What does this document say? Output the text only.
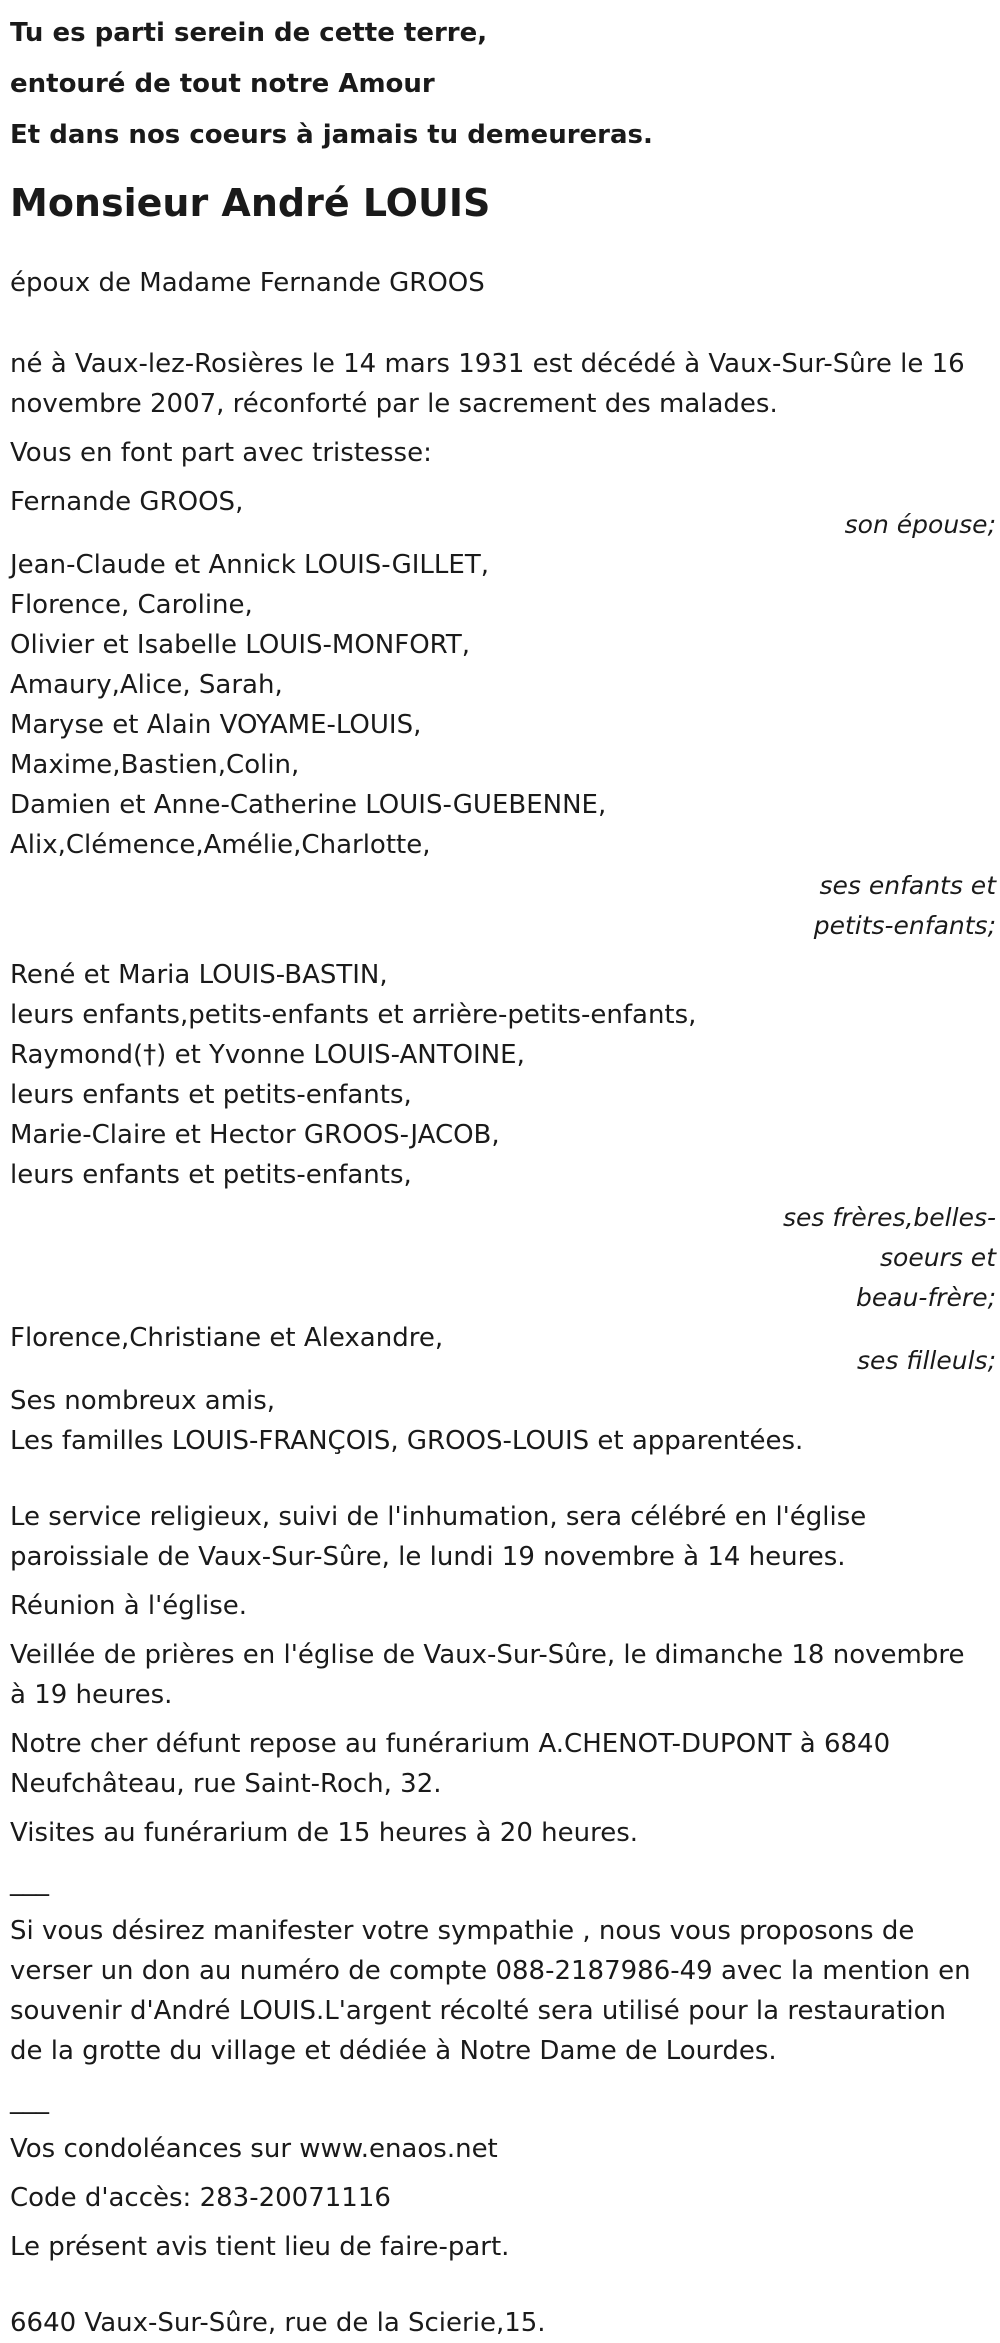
Tu es parti serein de cette terre,
entouré de tout notre Amour
Et dans nos coeurs à jamais tu demeureras.
Monsieur André LOUIS

époux de Madame Fernande GROOS

né à Vaux-lez-Rosières le 14 mars 1931 est décédé à Vaux-Sur-Sûre le 16

novembre 2007, réconforté par le sacrement des malades.

Vous en font part avec tristesse:

Fernande GROOS,

son épouse;

Jean-Claude et Annick LOUIS-GILLET,

Florence, Caroline,

Olivier et Isabelle LOUIS-MONFORT,

Amaury,Alice, Sarah,

Maryse et Alain VOYAME-LOUIS,

Maxime,Bastien,Colin,

Damien et Anne-Catherine LOUIS-GUEBENNE,

Alix,Clémence,Amélie,Charlotte,

ses enfants et

petits-enfants;

René et Maria LOUIS-BASTIN,

leurs enfants,petits-enfants et arrière-petits-enfants,

Raymond(†) et Yvonne LOUIS-ANTOINE,

leurs enfants et petits-enfants,

Marie-Claire et Hector GROOS-JACOB,

leurs enfants et petits-enfants,

ses frères,belles-

soeurs et

beau-frère;

Florence,Christiane et Alexandre,

ses filleuls;

Ses nombreux amis,

Les familles LOUIS-FRANÇOIS, GROOS-LOUIS et apparentées.

Le service religieux, suivi de l'inhumation, sera célébré en l'église

paroissiale de Vaux-Sur-Sûre, le lundi 19 novembre à 14 heures.

Réunion à l'église.

Veillée de prières en l'église de Vaux-Sur-Sûre, le dimanche 18 novembre

à 19 heures.

Notre cher défunt repose au funérarium A.CHENOT-DUPONT à 6840

Neufchâteau, rue Saint-Roch, 32.

Visites au funérarium de 15 heures à 20 heures.

___

Si vous désirez manifester votre sympathie , nous vous proposons de

verser un don au numéro de compte 088-2187986-49 avec la mention en

souvenir d'André LOUIS.L'argent récolté sera utilisé pour la restauration

de la grotte du village et dédiée à Notre Dame de Lourdes.

___

Vos condoléances sur www.enaos.net

Code d'accès: 283-20071116

Le présent avis tient lieu de faire-part.

6640 Vaux-Sur-Sûre, rue de la Scierie,15.
